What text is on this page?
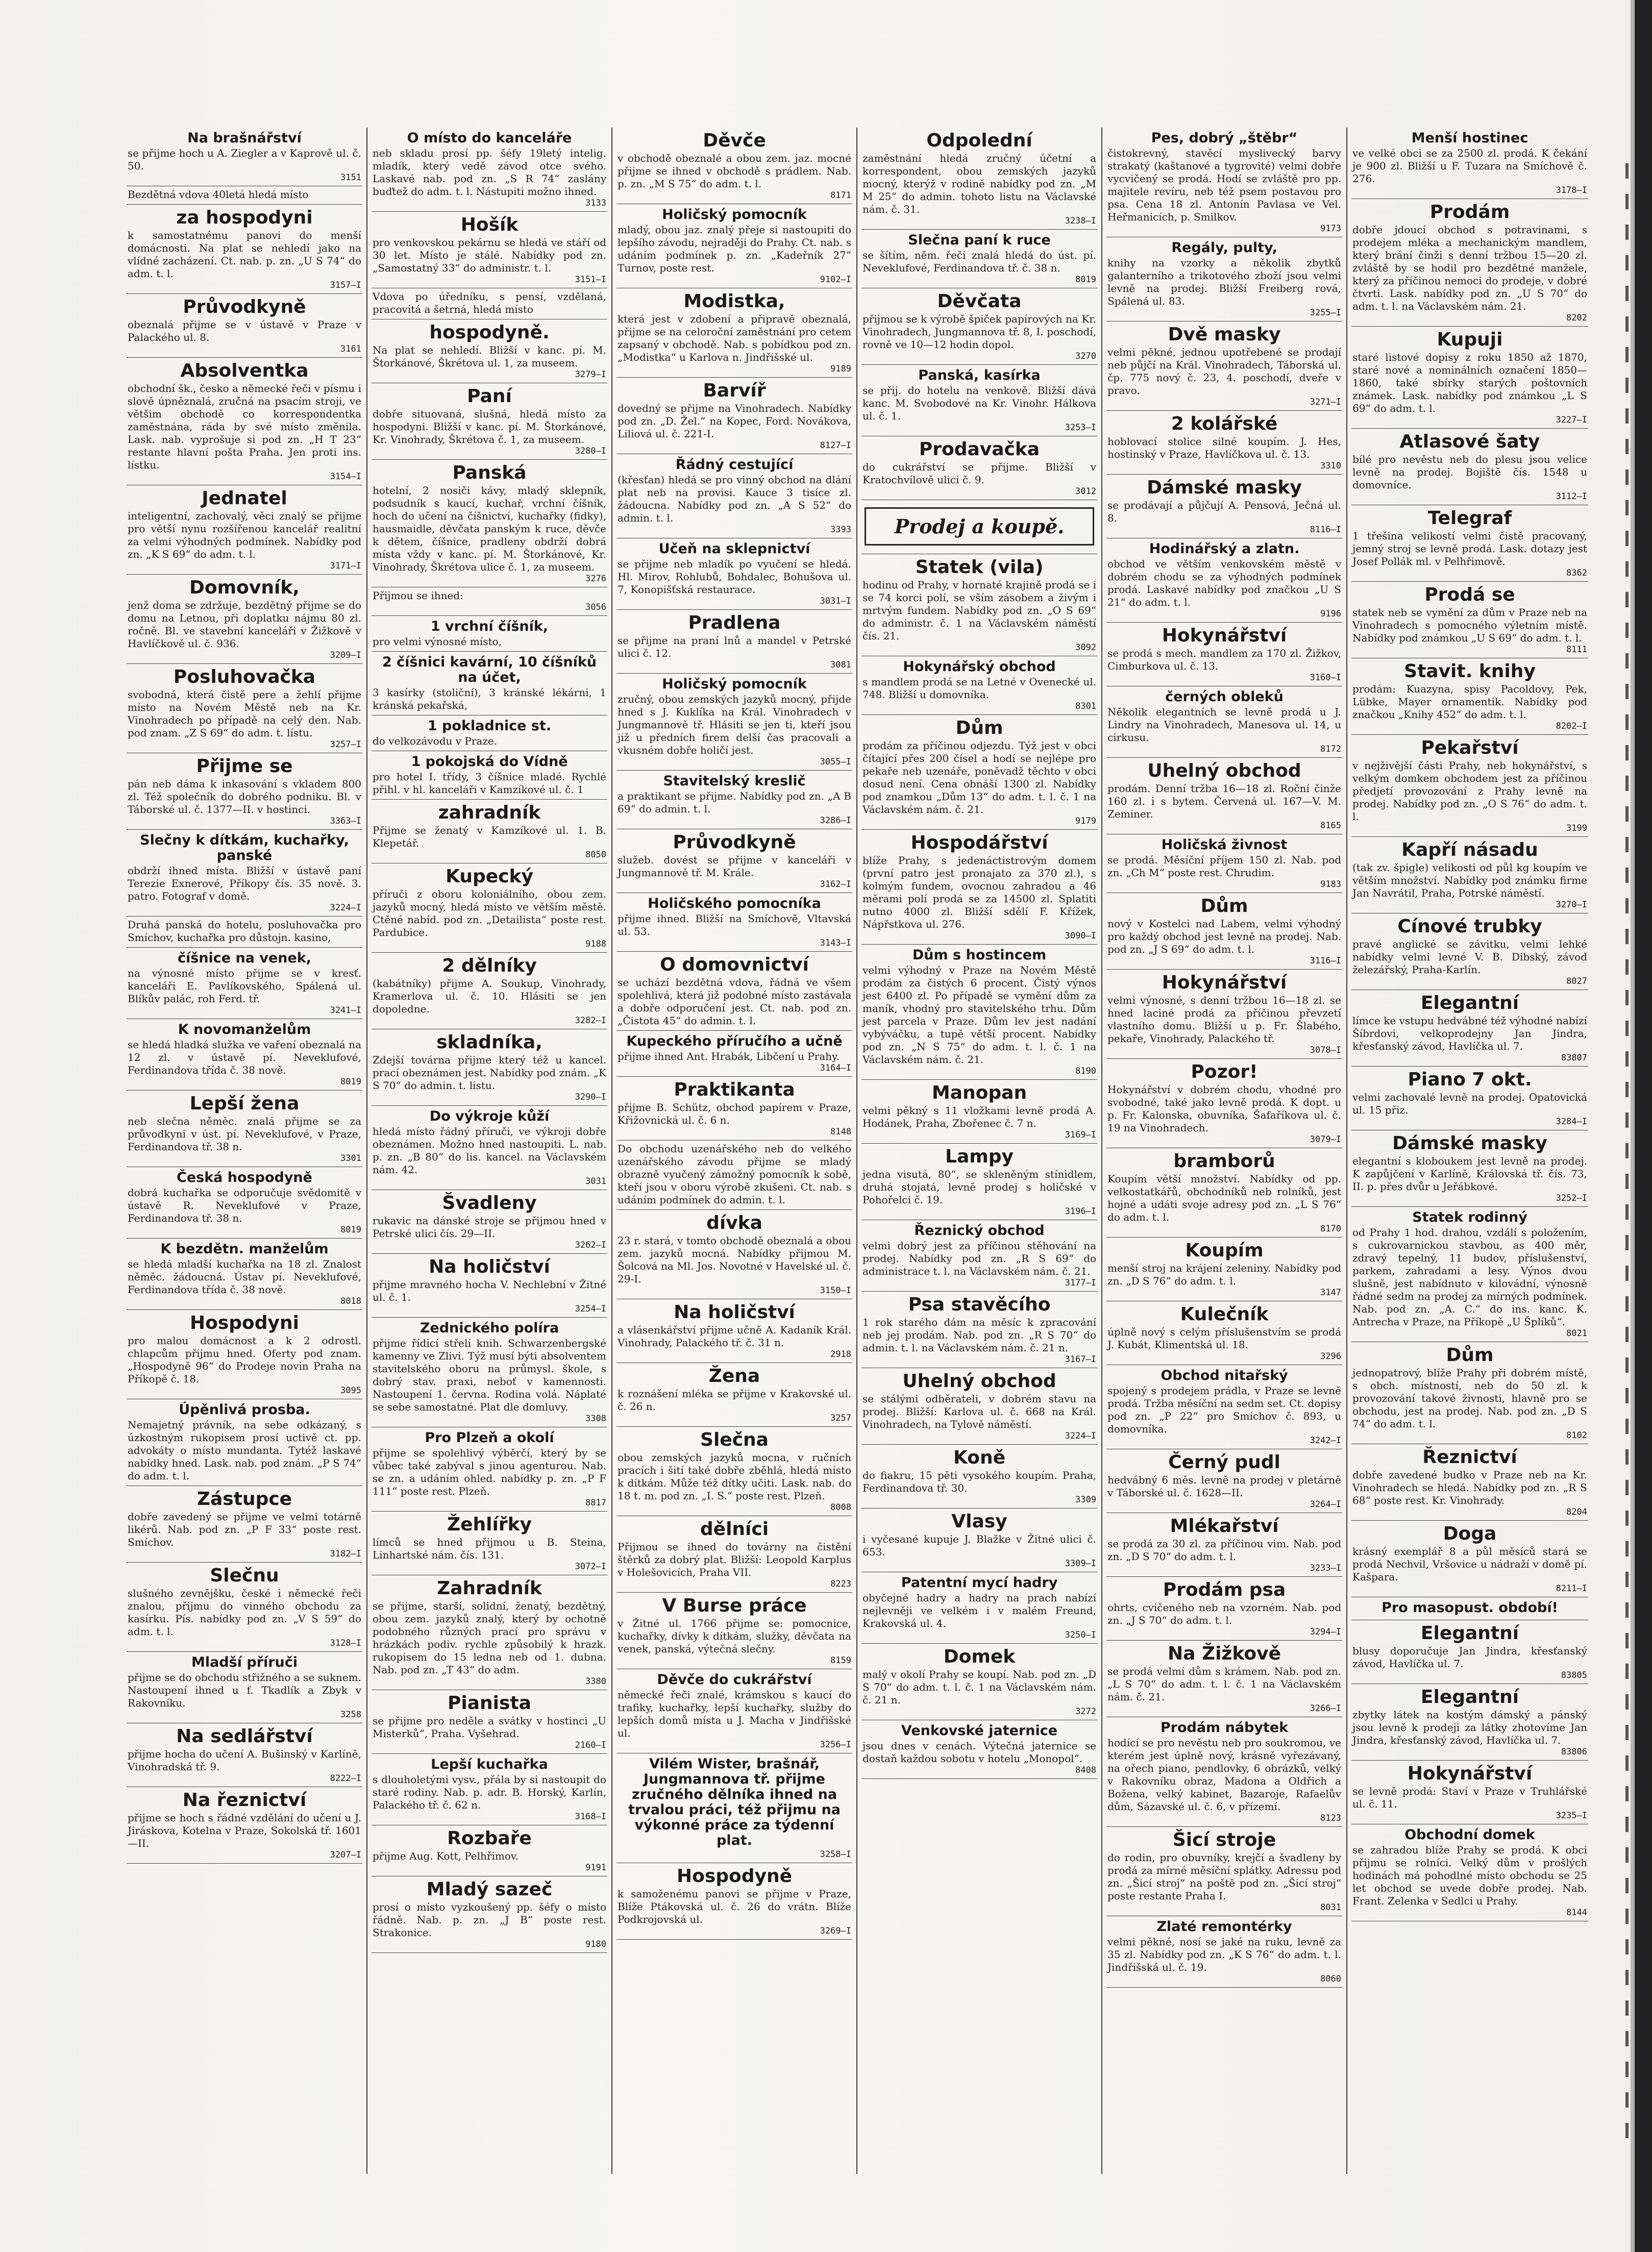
Na brašnářství

se přijme hoch u A. Ziegler a v Kaprově ul. č. 50.

3151

Bezdětná vdova 40letá hledá místo

za hospodyni

k samostatnému panovi do menší domácnosti. Na plat se nehledí jako na vlídné zacházení. Ct. nab. p. zn. „U S 74“ do adm. t. l.

3157—I
Průvodkyně

obeznalá přijme se v ústavě v Praze v Palackého ul. 8.

3161
Absolventka

obchodní šk., česko a německé řeči v písmu i slově úpněznalá, zručná na psacím stroji, ve většim obchodě co korrespondentka zaměstnána, ráda by své místo změnila. Lask. nab. vyprošuje si pod zn. „H T 23“ restante hlavní pošta Praha. Jen proti ins. lístku.

3154—I
Jednatel

inteligentní, zachovalý, věci znalý se přijme pro větší nynu rozšířenou kancelář realitní za velmi výhodných podmínek. Nabídky pod zn. „K S 69“ do adm. t. l.

3171—I
Domovník,

jenž doma se zdržuje, bezdětný přijme se do domu na Letnou, při doplatku nájmu 80 zl. ročně. Bl. ve stavební kanceláři v Žižkově v Havlíčkově ul. č. 936.

3209—I
Posluhovačka

svobodná, která čistě pere a žehlí přijme místo na Novém Městě neb na Kr. Vinohradech po případě na celý den. Nab. pod znam. „Z S 69“ do adm. t. lístu.

3257—I
Přijme se

pán neb dáma k inkasování s vkladem 800 zl. Též společník do dobrého podniku. Bl. v Táborské ul. č. 1377—II. v hostinci.

3363—I
Slečny k dítkám, kuchařky, panské

obdrží ihned místa. Bližší v ústavě paní Terezie Exnerové, Příkopy čís. 35 nově. 3. patro. Fotograf v domě.

3224—I

Druhá panská do hotelu, posluhovačka pro Smíchov, kuchařka pro důstojn. kasino,

číšnice na venek,

na výnosné místo přijme se v kresť. kanceláři E. Pavlíkovského, Spálená ul. Blíkův palác, roh Ferd. tř.

3241—I
K novomanželům

se hledá hladká služka ve vaření obeznalá na 12 zl. v ústavě pí. Neveklufové, Ferdinandova třída č. 38 nově.

8019
Lepší žena

neb slečna něměc. znalá přijme se za průvodkyni v úst. pí. Neveklufové, v Praze, Ferdinandova tř. 38 n.

3301
Česká hospodyně

dobrá kuchařka se odporučuje svědomitě v ústavě R. Neveklufové v Praze, Ferdinandova tř. 38 n.

8019
K bezdětn. manželům

se hledá mladší kuchařka na 18 zl. Znalost něměc. žádoucná. Ústav pí. Neveklufové, Ferdinandova třída č. 38 nově.

8018
Hospodyni

pro malou domácnost a k 2 odrostl. chlapcům přijmu hned. Oferty pod znam. „Hospodyně 96“ do Prodeje novin Praha na Příkopě č. 18.

3095
Úpěnlivá prosba.

Nemajetný právník, na sebe odkázaný, s úzkostným rukopisem prosí uctivě ct. pp. advokáty o místo mundanta. Tytéž laskavé nabídky hned. Lask. nab. pod znám. „P S 74“ do adm. t. l.

Zástupce

dobře zavedený se přijme ve velmi totárně likérů. Nab. pod zn. „P F 33“ poste rest. Smíchov.

3182—I
Slečnu

slušného zevnějšku, české i německé řeči znalou, přijmu do vinného obchodu za kasírku. Pís. nabídky pod zn. „V S 59“ do adm. t. l.

3128—I
Mladší příruči

přijme se do obchodu střižného a se suknem. Nastoupení ihned u f. Tkadlík a Zbyk v Rakovníku.

3258
Na sedlářství

přijme hocha do učení A. Bušinský v Karlíně, Vinohradská tř. 9.

8222—I
Na řeznictví

přijme se hoch s řádné vzdělání do učení u J. Jiráskova, Kotelna v Praze, Sokolská tř. 1601—II.

3207—I
O místo do kanceláře

neb skladu prosí pp. šéfy 19letý intelig. mladík, který vedě závod otce svého. Laskavé nab. pod zn. „S R 74“ zaslány buďtež do adm. t. l. Nástupiti možno ihned.

3133
Hošík

pro venkovskou pekárnu se hledá ve stáří od 30 let. Místo je stálé. Nabídky pod zn. „Samostatný 33“ do administr. t. l.

3151—I

Vdova po úředníku, s pensí, vzdělaná, pracovitá a šetrná, hledá místo

hospodyně.

Na plat se nehledí. Bližší v kanc. pí. M. Štorkánové, Škrétova ul. 1, za museem.

3279—I
Paní

dobře situovaná, slušná, hledá místo za hospodyni. Bližší v kanc. pí. M. Štorkánové, Kr. Vinohrady, Škrétova č. 1, za museem.

3280—I
Panská

hotelní, 2 nosiči kávy, mladý sklepník, podsudník s kaucí, kuchař, vrchní číšník, hoch do učení na číšnictví, kuchařky (fidky), hausmaidle, děvčata panským k ruce, děvče k dětem, číšnice, pradleny obdrží dobrá místa vždy v kanc. pí. M. Štorkánové, Kr. Vinohrady, Škrétova ulice č. 1, za museem.

3276

Přijmou se ihned:

3056
1 vrchní číšník,

pro velmi výnosné místo,

2 číšnici kavární, 10 číšníků na účet,

3 kasírky (stoliční), 3 kránské lékárni, 1 kránská pekařská,

1 pokladnice st.

do velkozávodu v Praze.

1 pokojská do Vídně

pro hotel I. třídy, 3 číšnice mladé. Rychlé přihl. v hl. kanceláři v Kamzíkové ul. č. 1

zahradník

Přijme se ženatý v Kamzíkové ul. 1. B. Klepetář.

8050
Kupecký

příruči z oboru koloniálního, obou zem. jazyků mocný, hledá místo ve větším městě. Ctěné nabíd. pod zn. „Detailista“ poste rest. Pardubice.

9188
2 dělníky

(kabátníky) přijme A. Soukup, Vinohrady, Kramerlova ul. č. 10. Hlásiti se jen dopoledne.

3282—I
skladníka,

Zdejší továrna přijme který též u kancel. prací obeznámen jest. Nabídky pod znám. „K S 70“ do admin. t. listu.

3290—I
Do výkroje kůží

hledá místo řádný příruči, ve výkroji dobře obeznámen. Možno hned nastoupiti. L. nab. p. zn. „B 80“ do lis. kancel. na Václavském nám. 42.

3031
Švadleny

rukavic na dánské stroje se přijmou hned v Petrské ulici čís. 29—II.

3262—I
Na holičství

přijme mravného hocha V. Nechlební v Žitné ul. č. 1.

3254—I
Zednického políra

přijme řídicí střelí knih. Schwarzenbergské kamenny ve Zlivi. Týž musí býti absolventem stavitelského oboru na průmysl. škole, s dobrý stav. praxi, neboť v kamennosti. Nastoupení 1. června. Rodina volá. Náplaté se sebe samostatné. Plat dle domluvy.

3308
Pro Plzeň a okolí

přijme se spolehlivý výběrčí, který by se vůbec také zabýval s jinou agenturou. Nab. se zn. a udáním ohled. nabídky p. zn. „P F 111“ poste rest. Plzeň.

8817
Žehlířky

límců se hned přijmou u B. Steina, Linhartské nám. čís. 131.

3072—I
Zahradník

se přijme, starší, solidní, ženatý, bezdětný, obou zem. jazyků znalý, který by ochotně podobného různých prací pro správu v hrázkách podiv. rychle způsobilý k hrazk. rukopisem do 15 ledna neb od 1. dubna. Nab. pod zn. „T 43“ do adm.

3380
Pianista

se přijme pro neděle a svátky v hostinci „U Misterků“, Praha. Vyšehrad.

2160—I
Lepší kuchařka

s dlouholetými vysv., přála by si nastoupit do staré rodiny. Nab. p. adr. B. Horský, Karlín, Palackého tř. č. 62 n.

3168—I
Rozbaře

přijme Aug. Kott, Pelhřimov.

9191
Mladý sazeč

prosí o místo vyzkoušený pp. šéfy o místo řádně. Nab. p. zn. „J B“ poste rest. Strakonice.

9180
Děvče

v obchodě obeznalé a obou zem. jaz. mocné přijme se ihned v obchodě s prádlem. Nab. p. zn. „M S 75“ do adm. t. l.

8171
Holičský pomocník

mladý, obou jaz. znalý přeje si nastoupiti do lepšího závodu, nejraději do Prahy. Ct. nab. s udáním podmínek p. zn. „Kadeřník 27“ Turnov, poste rest.

9102—I
Modistka,

která jest v zdobení a připravě obeznalá, přijme se na celoroční zaměstnání pro cetem zapsaný v obchodě. Nab. s pobídkou pod zn. „Modistka“ u Karlova n. Jindřišské ul.

9189
Barvíř

dovedný se přijme na Vinohradech. Nabídky pod zn. „D. Žel.“ na Kopec, Ford. Novákova, Liliová ul. č. 221-I.

8127—I
Řádný cestující

(křesťan) hledá se pro vinný obchod na dlání plat neb na provisi. Kauce 3 tisíce zl. žádoucna. Nabídky pod zn. „A S 52“ do admin. t. l.

3393
Učeň na sklepnictví

se přijme neb mladík po vyučení se hledá. Hl. Mirov, Rohlubů, Bohdalec, Bohušova ul. 7, Konopišťská restaurace.

3031—I
Pradlena

se přijme na praní lnů a mandel v Petrské ulici č. 12.

3081
Holičský pomocník

zručný, obou zemských jazyků mocný, přijde hned s J. Kuklíka na Král. Vinohradech v Jungmannově tř. Hlásiti se jen ti, kteří jsou již u předních firem delší čas pracovali a vkusném dobře holičí jest.

3055—I
Stavitelský kreslič

a praktikant se přijme. Nabídky pod zn. „A B 69“ do admin. t. l.

3286—I
Průvodkyně

služeb. dovést se přijme v kanceláři v Jungmannově tř. M. Krále.

3162—I
Holičského pomocníka

přijme ihned. Bližší na Smíchově, Vltavská ul. 53.

3143—I
O domovnictví

se uchází bezdětná vdova, řádná ve všem spolehlivá, která již podobné místo zastávala a dobře odporučení jest. Ct. nab. pod zn. „Čistota 45“ do admin. t. l.

Kupeckého příručího a učně

přijme ihned Ant. Hrabák, Libčení u Prahy.

3164—I
Praktikanta

přijme B. Schütz, obchod papírem v Praze, Křižovnická ul. č. 6 n.

8148

Do obchodu uzenářského neb do velkého uzenářského závodu přijme se mladý obrazně vyučený zámožný pomocník k sobě, kteří jsou v oboru výrobě zkušeni. Ct. nab. s udáním podmínek do admin. t. l.

dívka

23 r. stará, v tomto obchodě obeznalá a obou zem. jazyků mocná. Nabídky přijmou M. Šolcová na Ml. Jos. Novotné v Havelské ul. č. 29-I.

3150—I
Na holičství

a vlásenkářství přijme učně A. Kadaník Král. Vinohrady, Palackého tř. č. 31 n.

2918
Žena

k roznášení mléka se přijme v Krakovské ul. č. 26 n.

3257
Slečna

obou zemských jazyků mocna, v ručních pracích i šití také dobře zběhlá, hledá místo k dítkám. Může též dítky učiti. Lask. nab. do 18 t. m. pod zn. „I. S.“ poste rest. Plzeň.

8008
dělníci

Přijmou se ihned do továrny na čistění štěrků za dobrý plat. Bližší: Leopold Karplus v Holešovicích, Praha VII.

8223
V Burse práce

v Žitné ul. 1766 přijme se: pomocnice, kuchařky, dívky k dítkám, služky, děvčata na venek, panská, výtečná slečny.

8159
Děvče do cukrářství

německé řeči znalé, krámskou s kaucí do trafiky, kuchařky, lepší kuchařky, služby do lepších domů místa u J. Macha v Jindřišské ul.

3256—I
Vilém Wister, brašnář, Jungmannova tř. přijme zručného dělníka ihned na trvalou práci, též přijmu na výkonné práce za týdenní plat.
3258—I
Hospodyně

k samoženému panovi se přijme v Praze, Blíže Ptákovská ul. č. 26 do vrátn. Blíže Podkrojovská ul.

3269—I
Odpolední

zaměstnání hledá zručný účetní a korrespondent, obou zemských jazyků mocný, kterýž v rodině nabídky pod zn. „M M 25“ do admin. tohoto listu na Václavské nám. č. 31.

3238—I
Slečna paní k ruce

se šítím, něm. řeči znalá hledá do úst. pí. Neveklufové, Ferdinandova tř. č. 38 n.

8019
Děvčata

přijmou se k výrobě špiček papírových na Kr. Vinohradech, Jungmannova tř. 8, I. poschodí, rovně ve 10—12 hodin dopol.

3270
Panská, kasírka

se přij. do hotelu na venkově. Bližší dává kanc. M. Svobodové na Kr. Vinohr. Hálkova ul. č. 1.

3253—I
Prodavačka

do cukrářství se přijme. Bližší v Kratochvílově ulici č. 9.

3012
Prodej a koupě.
Statek (vila)

hodinu od Prahy, v hornaté krajině prodá se i se 74 korci polí, se vším zásobem a živým i mrtvým fundem. Nabídky pod zn. „O S 69“ do administr. č. 1 na Václavském náměstí čís. 21.

3092
Hokynářský obchod

s mandlem prodá se na Letné v Ovenecké ul. 748. Bližší u domovníka.

8301
Dům

prodám za příčinou odjezdu. Týž jest v obci čítající přes 200 čísel a hodí se nejlépe pro pekaře neb uzenáře, poněvadž těchto v obci dosud není. Cena obnáší 1300 zl. Nabídky pod znamkou „Dům 13“ do adm. t. l. č. 1 na Václavském nám. č. 21.

9179
Hospodářství

blíže Prahy, s jedenáctistrovým domem (první patro jest pronajato za 370 zl.), s kolmým fundem, ovocnou zahradou a 46 měrami polí prodá se za 14500 zl. Splatiti nutno 4000 zl. Bližší sdělí F. Křížek, Nápřstkova ul. 276.

3090—I
Dům s hostincem

velmi výhodný v Praze na Novém Městě prodám za čistých 6 procent. Čistý výnos jest 6400 zl. Po případě se vymění dům za maník, vhodný pro stavitelského trhu. Dům jest parcela v Praze. Dům lev jest nadání vybýváčku, a tupě větší procent. Nabídky pod zn. „N S 75“ do adm. t. l. č. 1 na Václavském nám. č. 21.

8190
Manopan

velmi pěkný s 11 vložkami levně prodá A. Hodánek, Praha, Zbořenec č. 7 n.

3169—I
Lampy

jedna visutá, 80“, se skleněným stínidlem, druhá stojatá, levně prodej s holičské v Pohořelci č. 19.

3196—I
Řeznický obchod

velmi dobrý jest za příčinou stěhování na prodej. Nabídky pod zn. „R S 69“ do administrace t. l. na Václavském nám. č. 21.

3177—I
Psa stavěcího

1 rok starého dám na měsíc k zpracování neb jej prodám. Nab. pod zn. „R S 70“ do admin. t. l. na Václavském nám. č. 21 n.

3167—I
Uhelný obchod

se stálými odběrateli, v dobrém stavu na prodej. Bližší: Karlova ul. č. 668 na Král. Vinohradech, na Tylově náměstí.

3224—I
Koně

do fiakru, 15 pěti vysokého koupím. Praha, Ferdinandova tř. 30.

3309
Vlasy

i vyčesané kupuje J. Blažke v Žitné ulici č. 653.

3309—I
Patentní mycí hadry

obyčejné hadry a hadry na prach nabízí nejlevněji ve velkém i v malém Freund, Krakovská ul. 4.

3250—I
Domek

malý v okolí Prahy se koupí. Nab. pod zn. „D S 70“ do adm. t. l. č. 1 na Václavském nám. č. 21 n.

3272
Venkovské jaternice

jsou dnes v cenách. Výtečná jaternice se dostaň každou sobotu v hotelu „Monopol“.

8408
Pes, dobrý „štěbr“

čistokrevný, stavěcí myslivecký barvy strakatý (kaštanové a tygrovité) velmi dobře vycvičený se prodá. Hodí se zvláště pro pp. majitele revíru, neb též psem postavou pro psa. Cena 18 zl. Antonín Pavlasa ve Vel. Heřmanicích, p. Smilkov.

9173
Regály, pulty,

knihy na vzorky a několik zbytků galanterního a trikotového zboží jsou velmi levně na prodej. Bližší Freiberg rová, Spálená ul. 83.

3255—I
Dvě masky

velmi pěkné, jednou upotřebené se prodají neb půjčí na Král. Vinohradech, Táborská ul. čp. 775 nový č. 23, 4. poschodí, dveře v pravo.

3271—I
2 kolářské

hoblovací stolice silné koupím. J. Hes, hostinský v Praze, Havlíčkova ul. č. 13.

3310
Dámské masky

se prodávají a půjčují A. Pensová, Ječná ul. 8.

8116—I
Hodinářský a zlatn.

obchod ve větším venkovském městě v dobrém chodu se za výhodných podmínek prodá. Laskavé nabídky pod značkou „U S 21“ do adm. t. l.

9196
Hokynářství

se prodá s mech. mandlem za 170 zl. Žižkov, Cimburkova ul. č. 13.

3160—I
černých obleků

Několik elegantních se levně prodá u J. Lindry na Vinohradech, Manesova ul. 14, u cirkusu.

8172
Uhelný obchod

prodám. Denní tržba 16—18 zl. Roční činže 160 zl. i s bytem. Červená ul. 167—V. M. Zeminer.

8165
Holičská živnost

se prodá. Měsíční příjem 150 zl. Nab. pod zn. „Ch M“ poste rest. Chrudim.

9183
Dům

nový v Kostelci nad Labem, velmi výhodný pro každý obchod jest levně na prodej. Nab. pod zn. „J S 69“ do adm. t. l.

3116—I
Hokynářství

velmi výnosné, s denní tržbou 16—18 zl. se hned laciné prodá za příčinou převzetí vlastního domu. Bližší u p. Fr. Šlabého, pekaře, Vinohrady, Palackého tř.

3078—I
Pozor!

Hokynářství v dobrém chodu, vhodné pro svobodné, také jako levně prodá. K dopt. u p. Fr. Kalonska, obuvníka, Šafaříkova ul. č. 19 na Vinohradech.

3079—I
bramborů

Koupím větší množství. Nabídky od pp. velkostatkářů, obchodníků neb rolníků, jest hojné a udáti svoje adresy pod zn. „L S 76“ do adm. t. l.

8170
Koupím

menší stroj na krájení zeleniny. Nabídky pod zn. „D S 76“ do adm. t. l.

3147
Kulečník

úplně nový s celým příslušenstvím se prodá J. Kubát, Klimentská ul. 18.

3296
Obchod nitařský

spojený s prodejem prádla, v Praze se levně prodá. Tržba měsíční na sedm set. Ct. dopisy pod zn. „P 22“ pro Smíchov č. 893, u domovníka.

3242—I
Černý pudl

hedvábný 6 měs. levně na prodej v pletárně v Táborské ul. č. 1628—II.

3264—I
Mlékařství

se prodá za 30 zl. za příčinou vim. Nab. pod zn. „D S 70“ do adm. t. l.

3233—I
Prodám psa

ohrts, cvičeného neb na vzorném. Nab. pod zn. „J S 70“ do adm. t. l.

3294—I
Na Žižkově

se prodá velmi dům s krámem. Nab. pod zn. „L S 70“ do adm. t. l. č. 1 na Václavském nám. č. 21.

3266—I
Prodám nábytek

hodící se pro nevěstu neb pro soukromou, ve kterém jest úplně nový, krásně vyřezávaný, na ořech piano, pendlovky, 6 obrázků, velký v Rakovníku obraz, Madona a Oldřich a Božena, velký kabinet, Bazaroje, Rafaelův dům, Sázavské ul. č. 6, v přízemí.

8123
Šicí stroje

do rodin, pro obuvníky, krejčí a švadleny by prodá za mírné měsíční splátky. Adressu pod zn. „Šicí stroj“ na poště pod zn. „Šicí stroj“ poste restante Praha I.

8031
Zlaté remontérky

velmi pěkné, nosí se jaké na ruku, levně za 35 zl. Nabídky pod zn. „K S 76“ do adm. t. l. Jindřišská ul. č. 19.

8060
Menší hostinec

ve velké obci se za 2500 zl. prodá. K čekání je 900 zl. Bližší u F. Tuzara na Smíchově č. 276.

3178—I
Prodám

dobře jdoucí obchod s potravinami, s prodejem mléka a mechanickým mandlem, který brání činži s denní tržbou 15—20 zl. zvláště by se hodil pro bezdětné manžele, který za příčinou nemoci do prodeje, v dobré čtvrti. Lask. nabídky pod zn. „U S 70“ do adm. t. l. na Václavském nám. 21.

8202
Kupuji

staré listové dopisy z roku 1850 až 1870, staré nové a nominálních označení 1850—1860, také sbírky starých poštovních známek. Lask. nabídky pod známkou „L S 69“ do adm. t. l.

3227—I
Atlasové šaty

bílé pro nevěstu neb do plesu jsou velice levně na prodej. Bojiště čís. 1548 u domovníce.

3112—I
Telegraf

1 třešina velikostí velmi čistě pracovaný, jemný stroj se levně prodá. Lask. dotazy jest Josef Pollák ml. v Pelhřimově.

8362
Prodá se

statek neb se vymění za dům v Praze neb na Vinohradech s pomocného výletním místě. Nabídky pod známkou „U S 69“ do adm. t. l.

8111
Stavit. knihy

prodám: Kuazyna, spisy Pacoldovy, Pek, Lübke, Mayer ornamentik. Nabídky pod značkou „Knihy 452“ do adm. t. l.

8202—I
Pekařství

v nejživější části Prahy, neb hokynářství, s velkým domkem obchodem jest za příčinou předjetí provozování z Prahy levně na prodej. Nabídky pod zn. „O S 76“ do adm. t. l.

3199
Kapří násadu

(tak zv. špigle) velikosti od půl kg koupím ve větším množství. Nabídky pod známku firme Jan Navrátil, Praha, Potrské náměstí.

3270—I
Cínové trubky

pravé anglické se závitku, velmi lehké nabídky velmi levné V. B. Dibský, závod železářský, Praha-Karlín.

8027
Elegantní

límce ke vstupu hedvábné též výhodné nabízí Šíbrdovi, velkoprodejny Jan Jindra, křesťanský závod, Havlíčka ul. 7.

83807
Piano 7 okt.

velmi zachovalé levně na prodej. Opatovická ul. 15 přiz.

3284—I
Dámské masky

elegantní s kloboukem jest levně na prodej. K zapůjčení v Karlíně, Královská tř. čís. 73, II. p. přes dvůr u Jeřábkové.

3252—I
Statek rodinný

od Prahy 1 hod. drahou, vzdálí s položením, s cukrovarnickou stavbou, as 400 měr, zdravý tepelný, 11 budov, příslušenství, parkem, zahradami a lesy. Výnos dvou slušně, jest nabídnuto v kilovádní, výnosně řádné sedm na prodej za mírných podmínek. Nab. pod zn. „A. C.“ do ins. kanc. K. Antrecha v Praze, na Příkopě „U Šplíků“.

8021
Dům

jednopatrový, blíže Prahy při dobrém místě, s obch. místností, neb do 50 zl. k provozování takové živnosti, hlavně pro se obchodu, jest na prodej. Nab. pod zn. „D S 74“ do adm. t. l.

8102
Řeznictví

dobře zavedené budko v Praze neb na Kr. Vinohradech se hledá. Nabídky pod zn. „R S 68“ poste rest. Kr. Vinohrady.

8204
Doga

krásný exemplář 8 a půl měsíců stará se prodá Nechvil, Vršovice u nádraží v domě pí. Kašpara.

8211—I
Pro masopust. období!
Elegantní

blusy doporučuje Jan Jindra, křesťanský závod, Havlíčka ul. 7.

83805
Elegantní

zbytky látek na kostým dámský a pánský jsou levně k prodeji za látky zhotovíme Jan Jindra, křesťanský závod, Havlíčka ul. 7.

83806
Hokynářství

se levně prodá: Staví v Praze v Truhlářské ul. č. 11.

3235—I
Obchodní domek

se zahradou blíže Prahy se prodá. K obci přijmu se rolníci. Velký dům v prošlých hodinách má pohodlné místo obchodu se 25 let obchod se uvede dobře prodej. Nab. Frant. Zelenka v Sedlci u Prahy.

8144
